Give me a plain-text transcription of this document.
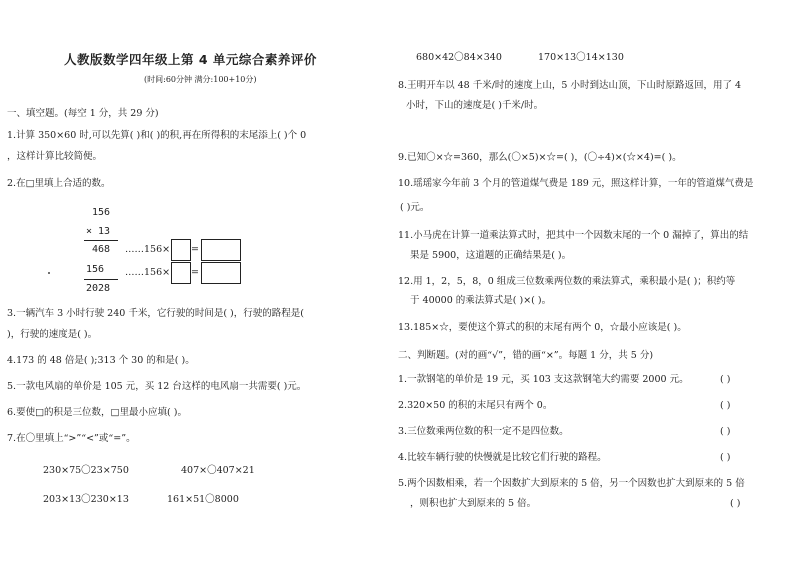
人教版数学四年级上第 4 单元综合素养评价
(时间:60分钟 满分:100+10分)
一、填空题。(每空 1 分，共 29 分)
1.计算 350×60 时,可以先算( )和( )的积,再在所得积的末尾添上( )个 0
，这样计算比较简便。
2.在□里填上合适的数。
156
× 13
468
156
2028
……156× =
……156× =
3.一辆汽车 3 小时行驶 240 千米，它行驶的时间是( )，行驶的路程是(
)，行驶的速度是( )。
4.173 的 48 倍是( );313 个 30 的和是( )。
5.一款电风扇的单价是 105 元，买 12 台这样的电风扇一共需要( )元。
6.要使□的积是三位数，□里最小应填( )。
7.在〇里填上“>”“<”或“=”。
230×75〇23×750	407×〇407×21
203×13〇230×13	161×51〇8000
680×42〇84×340	170×13〇14×130
8.王明开车以 48 千米/时的速度上山，5 小时到达山顶，下山时原路返回，用了 4
小时，下山的速度是( )千米/时。
9.已知〇×☆=360，那么(〇×5)×☆=( )，(〇÷4)×(☆×4)=( )。
10.瑶瑶家今年前 3 个月的管道煤气费是 189 元，照这样计算，一年的管道煤气费是
( )元。
11.小马虎在计算一道乘法算式时，把其中一个因数末尾的一个 0 漏掉了，算出的结
果是 5900，这道题的正确结果是( )。
12.用 1，2，5，8，0 组成三位数乘两位数的乘法算式，乘积最小是( )；积约等
于 40000 的乘法算式是( )×( )。
13.185×☆，要使这个算式的积的末尾有两个 0，☆最小应该是( )。
二、判断题。(对的画“√”，错的画“×”。每题 1 分，共 5 分)
1.一款钢笔的单价是 19 元，买 103 支这款钢笔大约需要 2000 元。	( )
2.320×50 的积的末尾只有两个 0。	( )
3.三位数乘两位数的积一定不是四位数。	( )
4.比较车辆行驶的快慢就是比较它们行驶的路程。	( )
5.两个因数相乘，若一个因数扩大到原来的 5 倍，另一个因数也扩大到原来的 5 倍
，则积也扩大到原来的 5 倍。	( )
